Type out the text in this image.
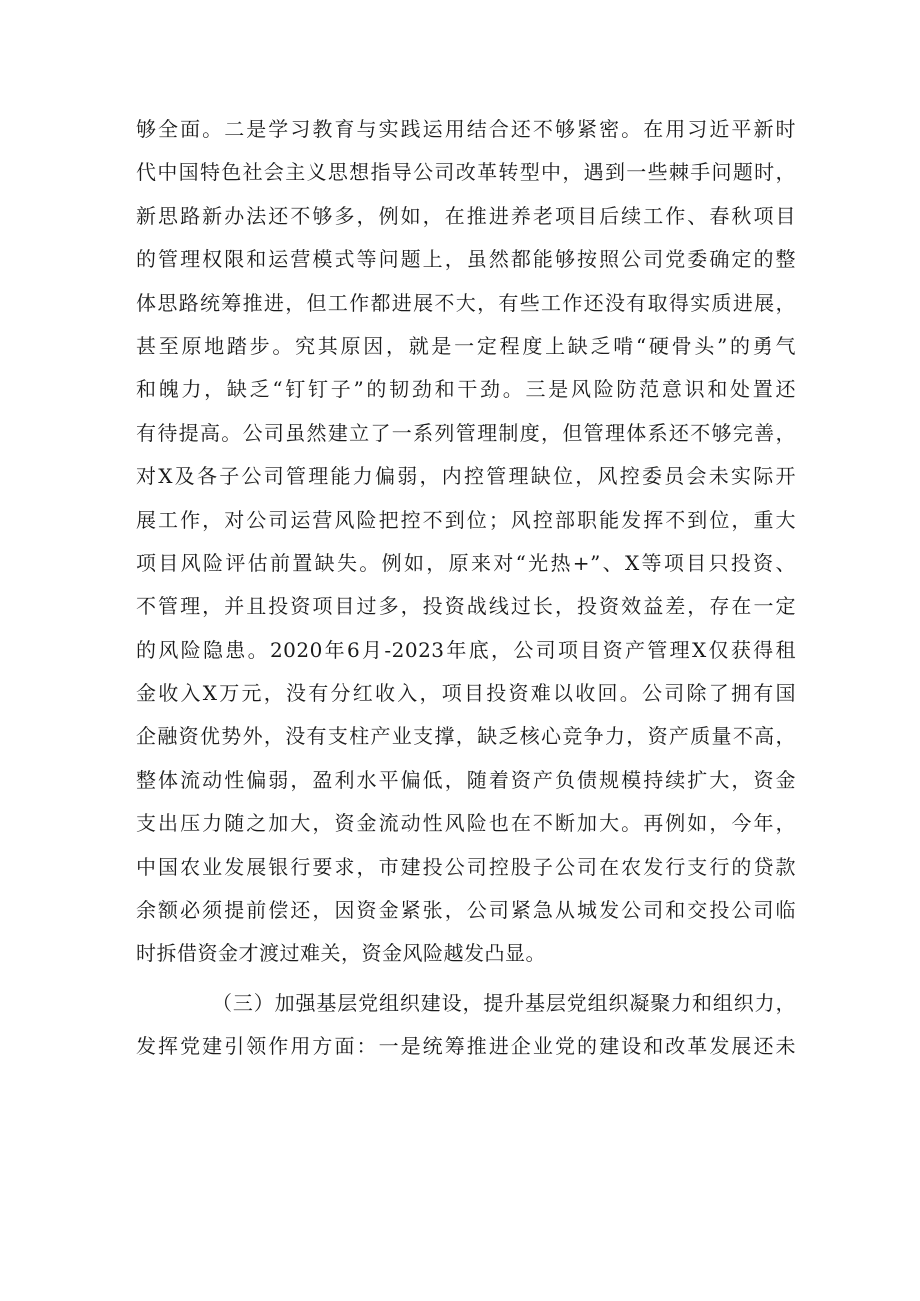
够全面。二是学习教育与实践运用结合还不够紧密。在用习近平新时
代中国特色社会主义思想指导公司改革转型中，遇到一些棘手问题时，
新思路新办法还不够多，例如，在推进养老项目后续工作、春秋项目
的管理权限和运营模式等问题上，虽然都能够按照公司党委确定的整
体思路统筹推进，但工作都进展不大，有些工作还没有取得实质进展，
甚至原地踏步。究其原因，就是一定程度上缺乏啃“硬骨头”的勇气
和魄力，缺乏“钉钉子”的韧劲和干劲。三是风险防范意识和处置还
有待提高。公司虽然建立了一系列管理制度，但管理体系还不够完善，
对X及各子公司管理能力偏弱，内控管理缺位，风控委员会未实际开
展工作，对公司运营风险把控不到位；风控部职能发挥不到位，重大
项目风险评估前置缺失。例如，原来对“光热+”、X等项目只投资、
不管理，并且投资项目过多，投资战线过长，投资效益差，存在一定
的风险隐患。2020年6月-2023年底，公司项目资产管理X仅获得租
金收入X万元，没有分红收入，项目投资难以收回。公司除了拥有国
企融资优势外，没有支柱产业支撑，缺乏核心竞争力，资产质量不高，
整体流动性偏弱，盈利水平偏低，随着资产负债规模持续扩大，资金
支出压力随之加大，资金流动性风险也在不断加大。再例如，今年，
中国农业发展银行要求，市建投公司控股子公司在农发行支行的贷款
余额必须提前偿还，因资金紧张，公司紧急从城发公司和交投公司临
时拆借资金才渡过难关，资金风险越发凸显。
（三）加强基层党组织建设，提升基层党组织凝聚力和组织力，
发挥党建引领作用方面：一是统筹推进企业党的建设和改革发展还未
